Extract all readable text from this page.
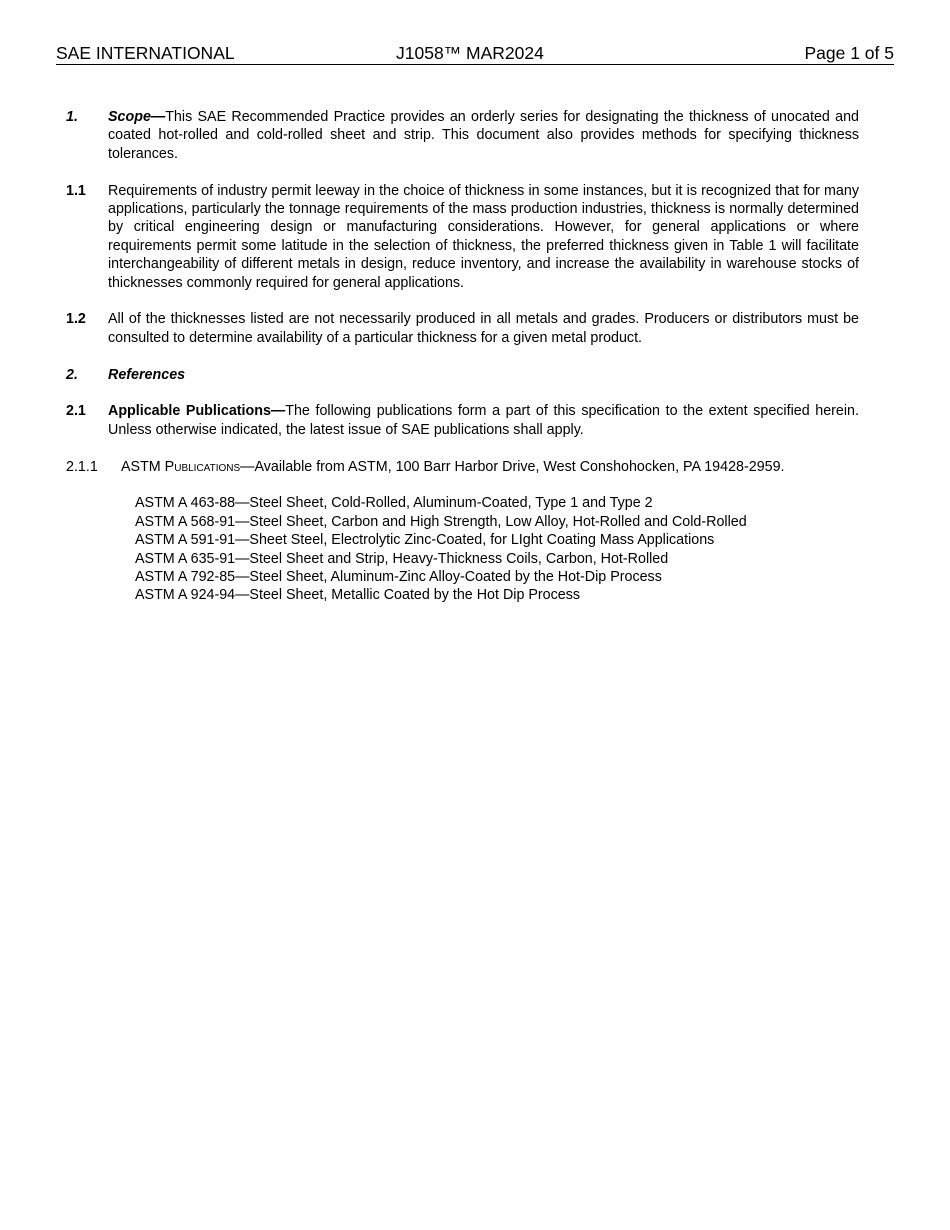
SAE INTERNATIONAL	J1058™ MAR2024	Page 1 of 5
1. Scope—This SAE Recommended Practice provides an orderly series for designating the thickness of unocated and coated hot-rolled and cold-rolled sheet and strip. This document also provides methods for specifying thickness tolerances.
1.1 Requirements of industry permit leeway in the choice of thickness in some instances, but it is recognized that for many applications, particularly the tonnage requirements of the mass production industries, thickness is normally determined by critical engineering design or manufacturing considerations. However, for general applications or where requirements permit some latitude in the selection of thickness, the preferred thickness given in Table 1 will facilitate interchangeability of different metals in design, reduce inventory, and increase the availability in warehouse stocks of thicknesses commonly required for general applications.
1.2 All of the thicknesses listed are not necessarily produced in all metals and grades. Producers or distributors must be consulted to determine availability of a particular thickness for a given metal product.
2. References
2.1 Applicable Publications—The following publications form a part of this specification to the extent specified herein. Unless otherwise indicated, the latest issue of SAE publications shall apply.
2.1.1 ASTM Publications—Available from ASTM, 100 Barr Harbor Drive, West Conshohocken, PA 19428-2959.
ASTM A 463-88—Steel Sheet, Cold-Rolled, Aluminum-Coated, Type 1 and Type 2
ASTM A 568-91—Steel Sheet, Carbon and High Strength, Low Alloy, Hot-Rolled and Cold-Rolled
ASTM A 591-91—Sheet Steel, Electrolytic Zinc-Coated, for LIght Coating Mass Applications
ASTM A 635-91—Steel Sheet and Strip, Heavy-Thickness Coils, Carbon, Hot-Rolled
ASTM A 792-85—Steel Sheet, Aluminum-Zinc Alloy-Coated by the Hot-Dip Process
ASTM A 924-94—Steel Sheet, Metallic Coated by the Hot Dip Process
